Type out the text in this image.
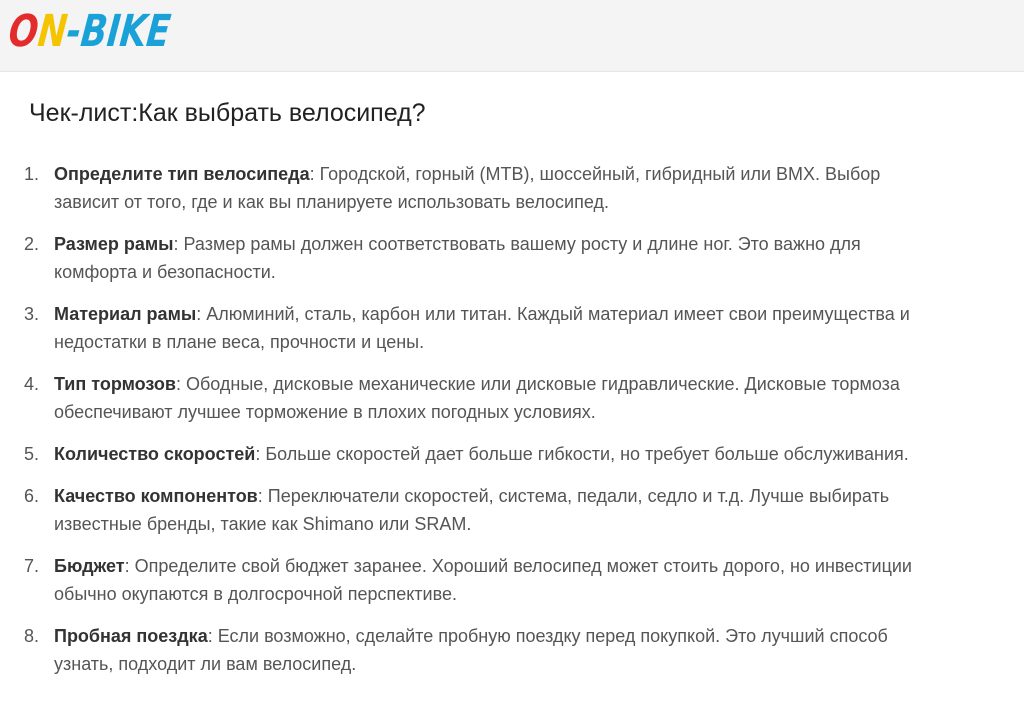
ON-BIKE
Чек-лист:Как выбрать велосипед?
1. Определите тип велосипеда: Городской, горный (MTB), шоссейный, гибридный или BMX. Выбор зависит от того, где и как вы планируете использовать велосипед.
2. Размер рамы: Размер рамы должен соответствовать вашему росту и длине ног. Это важно для комфорта и безопасности.
3. Материал рамы: Алюминий, сталь, карбон или титан. Каждый материал имеет свои преимущества и недостатки в плане веса, прочности и цены.
4. Тип тормозов: Ободные, дисковые механические или дисковые гидравлические. Дисковые тормоза обеспечивают лучшее торможение в плохих погодных условиях.
5. Количество скоростей: Больше скоростей дает больше гибкости, но требует больше обслуживания.
6. Качество компонентов: Переключатели скоростей, система, педали, седло и т.д. Лучше выбирать известные бренды, такие как Shimano или SRAM.
7. Бюджет: Определите свой бюджет заранее. Хороший велосипед может стоить дорого, но инвестиции обычно окупаются в долгосрочной перспективе.
8. Пробная поездка: Если возможно, сделайте пробную поездку перед покупкой. Это лучший способ узнать, подходит ли вам велосипед.
